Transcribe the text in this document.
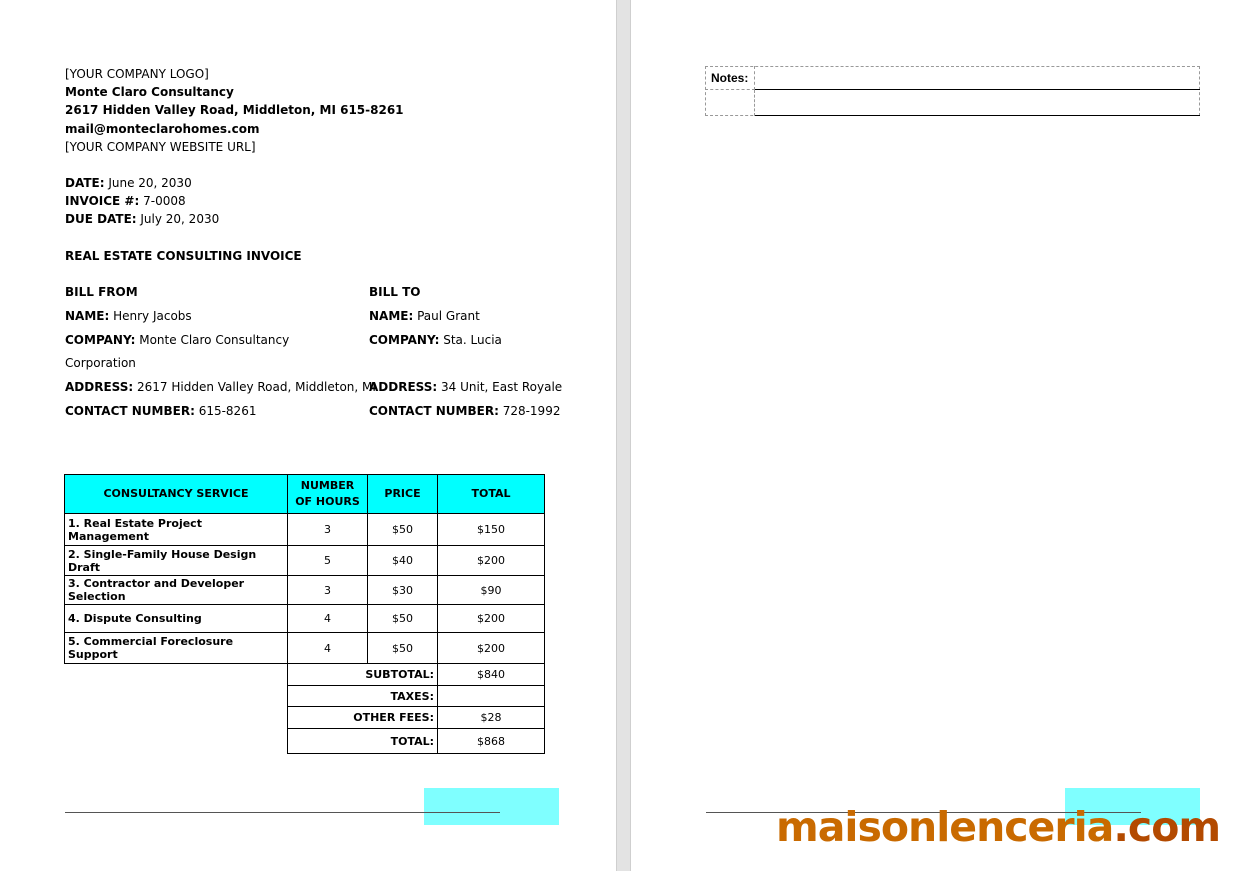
[YOUR COMPANY LOGO]
Monte Claro Consultancy
2617 Hidden Valley Road, Middleton, MI 615-8261
mail@monteclarohomes.com
[YOUR COMPANY WEBSITE URL]
DATE: June 20, 2030
INVOICE #: 7-0008
DUE DATE: July 20, 2030
REAL ESTATE CONSULTING INVOICE
BILL FROM
NAME: Henry Jacobs
COMPANY: Monte Claro Consultancy
Corporation
ADDRESS: 2617 Hidden Valley Road, Middleton, MI
CONTACT NUMBER: 615-8261
BILL TO
NAME: Paul Grant
COMPANY: Sta. Lucia
ADDRESS: 34 Unit, East Royale
CONTACT NUMBER: 728-1992
CONSULTANCY SERVICE	NUMBER OF HOURS	PRICE	TOTAL
1. Real Estate Project Management	3	$50	$150
2. Single-Family House Design Draft	5	$40	$200
3. Contractor and Developer Selection	3	$30	$90
4. Dispute Consulting	4	$50	$200
5. Commercial Foreclosure Support	4	$50	$200
	SUBTOTAL:		$840
	TAXES:		
	OTHER FEES:		$28
	TOTAL:		$868
Notes:
maisonlenceria.com
